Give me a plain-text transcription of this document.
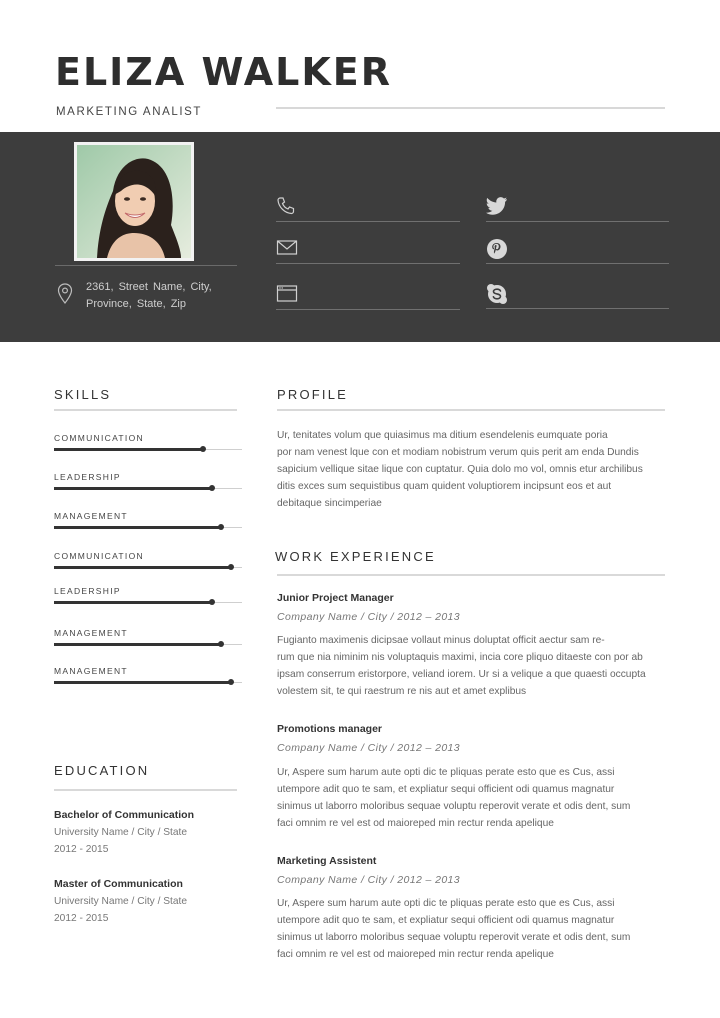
ELIZA WALKER
MARKETING ANALIST
2361, Street Name, City,
Province, State, Zip
SKILLS
COMMUNICATION
LEADERSHIP
MANAGEMENT
COMMUNICATION
LEADERSHIP
MANAGEMENT
MANAGEMENT
PROFILE
Ur, tenitates volum que quiasimus ma ditium esendelenis eumquate poria
por nam venest lque con et modiam nobistrum verum quis perit am enda Dundis
sapicium vellique sitae lique con cuptatur. Quia dolo mo vol, omnis etur archilibus
ditis exces sum sequistibus quam quident voluptiorem incipsunt eos et aut
debitaque sincimperiae
WORK EXPERIENCE
Junior Project Manager
Company Name / City / 2012 – 2013
Fugianto maximenis dicipsae vollaut minus doluptat officit aectur sam re-
rum que nia niminim nis voluptaquis maximi, incia core pliquo ditaeste con por ab
ipsam conserrum eristorpore, veliand iorem. Ur si a velique a que quaesti occupta
volestem sit, te qui raestrum re nis aut et amet explibus
Promotions manager
Company Name / City / 2012 – 2013
Ur, Aspere sum harum aute opti dic te pliquas perate esto que es Cus, assi
utempore adit quo te sam, et expliatur sequi officient odi quamus magnatur
sinimus ut laborro moloribus sequae voluptu reperovit verate et odis dent, sum
faci omnim re vel est od maioreped min rectur renda apelique
Marketing Assistent
Company Name / City / 2012 – 2013
Ur, Aspere sum harum aute opti dic te pliquas perate esto que es Cus, assi
utempore adit quo te sam, et expliatur sequi officient odi quamus magnatur
sinimus ut laborro moloribus sequae voluptu reperovit verate et odis dent, sum
faci omnim re vel est od maioreped min rectur renda apelique
EDUCATION
Bachelor of Communication
University Name / City / State
2012 - 2015
Master of Communication
University Name / City / State
2012 - 2015
